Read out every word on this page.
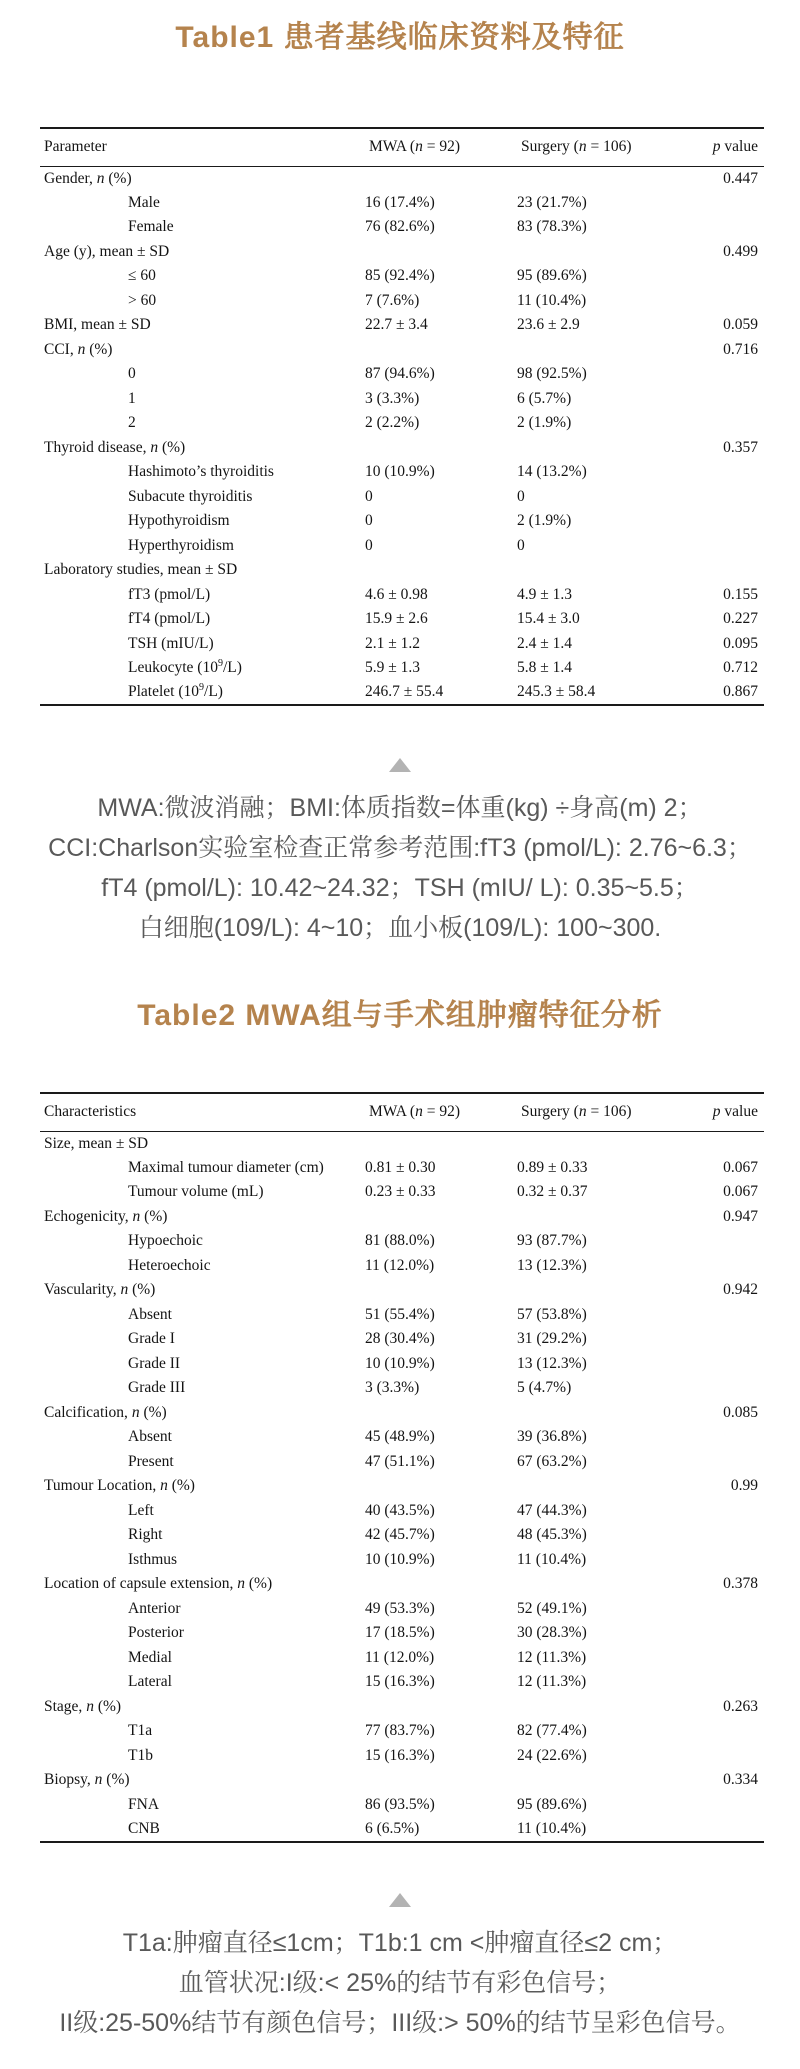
Table1 患者基线临床资料及特征
Parameter	MWA (n = 92)	Surgery (n = 106)	p value
Gender, n (%)			0.447
Male	16 (17.4%)	23 (21.7%)	
Female	76 (82.6%)	83 (78.3%)	
Age (y), mean ± SD			0.499
≤ 60	85 (92.4%)	95 (89.6%)	
> 60	7 (7.6%)	11 (10.4%)	
BMI, mean ± SD	22.7 ± 3.4	23.6 ± 2.9	0.059
CCI, n (%)			0.716
0	87 (94.6%)	98 (92.5%)	
1	3 (3.3%)	6 (5.7%)	
2	2 (2.2%)	2 (1.9%)	
Thyroid disease, n (%)			0.357
Hashimoto’s thyroiditis	10 (10.9%)	14 (13.2%)	
Subacute thyroiditis	0	0	
Hypothyroidism	0	2 (1.9%)	
Hyperthyroidism	0	0	
Laboratory studies, mean ± SD			
fT3 (pmol/L)	4.6 ± 0.98	4.9 ± 1.3	0.155
fT4 (pmol/L)	15.9 ± 2.6	15.4 ± 3.0	0.227
TSH (mIU/L)	2.1 ± 1.2	2.4 ± 1.4	0.095
Leukocyte $(10^9/L)$	5.9 ± 1.3	5.8 ± 1.4	0.712
Platelet $(10^9/L)$	246.7 ± 55.4	245.3 ± 58.4	0.867
MWA:微波消融；BMI:体质指数=体重(kg) ÷身高(m) 2；
CCI:Charlson实验室检查正常参考范围:fT3 (pmol/L): 2.76~6.3；
fT4 (pmol/L): 10.42~24.32；TSH (mIU/ L): 0.35~5.5；
白细胞(109/L): 4~10；血小板(109/L): 100~300.
Table2 MWA组与手术组肿瘤特征分析
Characteristics	MWA (n = 92)	Surgery (n = 106)	p value
Size, mean ± SD			
Maximal tumour diameter (cm)	0.81 ± 0.30	0.89 ± 0.33	0.067
Tumour volume (mL)	0.23 ± 0.33	0.32 ± 0.37	0.067
Echogenicity, n (%)			0.947
Hypoechoic	81 (88.0%)	93 (87.7%)	
Heteroechoic	11 (12.0%)	13 (12.3%)	
Vascularity, n (%)			0.942
Absent	51 (55.4%)	57 (53.8%)	
Grade I	28 (30.4%)	31 (29.2%)	
Grade II	10 (10.9%)	13 (12.3%)	
Grade III	3 (3.3%)	5 (4.7%)	
Calcification, n (%)			0.085
Absent	45 (48.9%)	39 (36.8%)	
Present	47 (51.1%)	67 (63.2%)	
Tumour Location, n (%)			0.99
Left	40 (43.5%)	47 (44.3%)	
Right	42 (45.7%)	48 (45.3%)	
Isthmus	10 (10.9%)	11 (10.4%)	
Location of capsule extension, n (%)			0.378
Anterior	49 (53.3%)	52 (49.1%)	
Posterior	17 (18.5%)	30 (28.3%)	
Medial	11 (12.0%)	12 (11.3%)	
Lateral	15 (16.3%)	12 (11.3%)	
Stage, n (%)			0.263
T1a	77 (83.7%)	82 (77.4%)	
T1b	15 (16.3%)	24 (22.6%)	
Biopsy, n (%)			0.334
FNA	86 (93.5%)	95 (89.6%)	
CNB	6 (6.5%)	11 (10.4%)	
T1a:肿瘤直径≤1cm；T1b:1 cm <肿瘤直径≤2 cm；
血管状况:I级:< 25%的结节有彩色信号；
II级:25-50%结节有颜色信号；III级:> 50%的结节呈彩色信号。
